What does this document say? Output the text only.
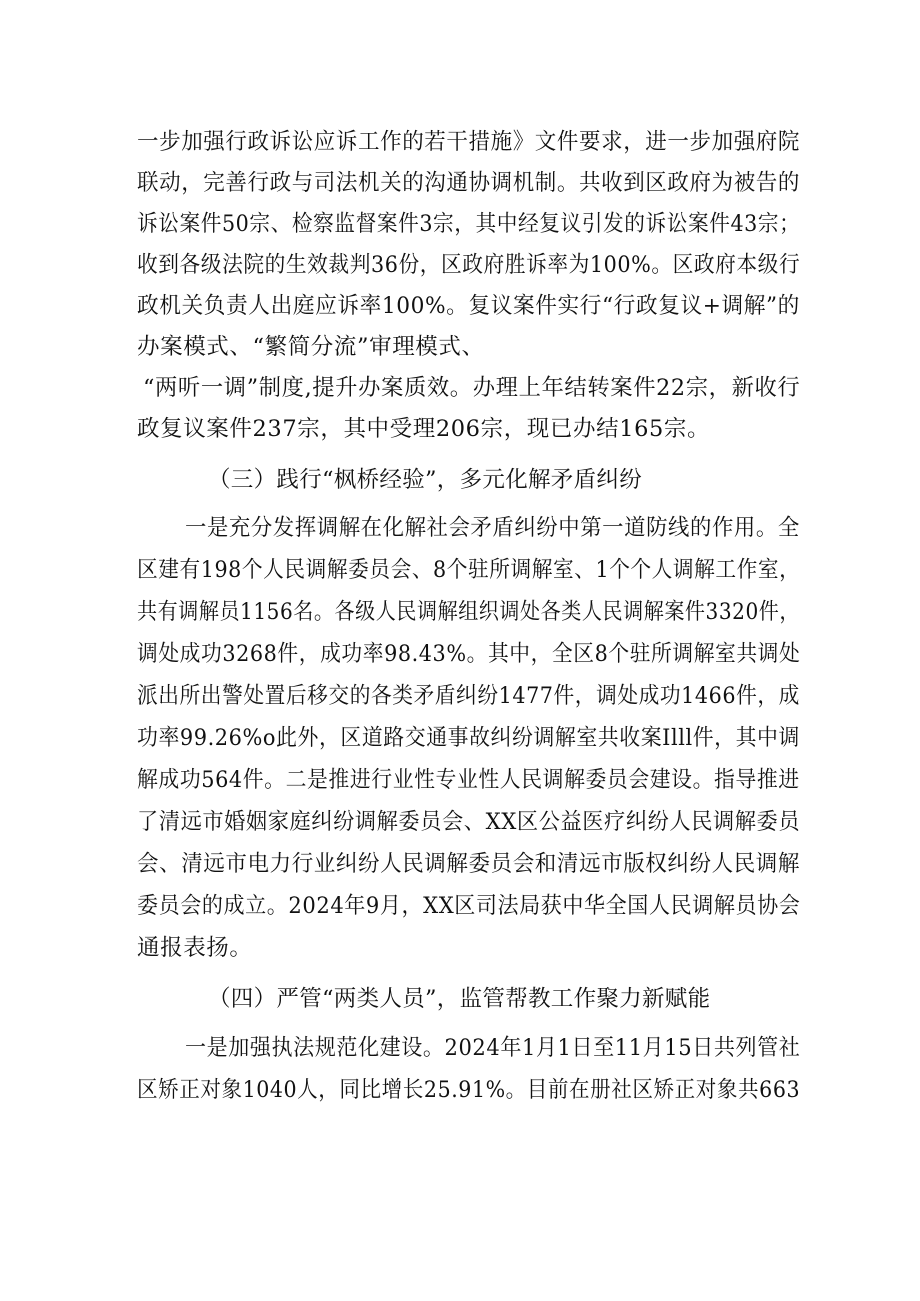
一步加强行政诉讼应诉工作的若干措施》文件要求，进一步加强府院
联动，完善行政与司法机关的沟通协调机制。共收到区政府为被告的
诉讼案件50宗、检察监督案件3宗，其中经复议引发的诉讼案件43宗；
收到各级法院的生效裁判36份，区政府胜诉率为100%。区政府本级行
政机关负责人出庭应诉率100%。复议案件实行“行政复议+调解”的
办案模式、“繁简分流”审理模式、
“两听一调”制度,提升办案质效。办理上年结转案件22宗，新收行
政复议案件237宗，其中受理206宗，现已办结165宗。
（三）践行“枫桥经验”，多元化解矛盾纠纷
一是充分发挥调解在化解社会矛盾纠纷中第一道防线的作用。全
区建有198个人民调解委员会、8个驻所调解室、1个个人调解工作室，
共有调解员1156名。各级人民调解组织调处各类人民调解案件3320件，
调处成功3268件，成功率98.43%。其中，全区8个驻所调解室共调处
派出所出警处置后移交的各类矛盾纠纷1477件，调处成功1466件，成
功率99.26%o此外，区道路交通事故纠纷调解室共收案Illl件，其中调
解成功564件。二是推进行业性专业性人民调解委员会建设。指导推进
了清远市婚姻家庭纠纷调解委员会、XX区公益医疗纠纷人民调解委员
会、清远市电力行业纠纷人民调解委员会和清远市版权纠纷人民调解
委员会的成立。2024年9月，XX区司法局获中华全国人民调解员协会
通报表扬。
（四）严管“两类人员”，监管帮教工作聚力新赋能
一是加强执法规范化建设。2024年1月1日至11月15日共列管社
区矫正对象1040人，同比增长25.91%。目前在册社区矫正对象共663
